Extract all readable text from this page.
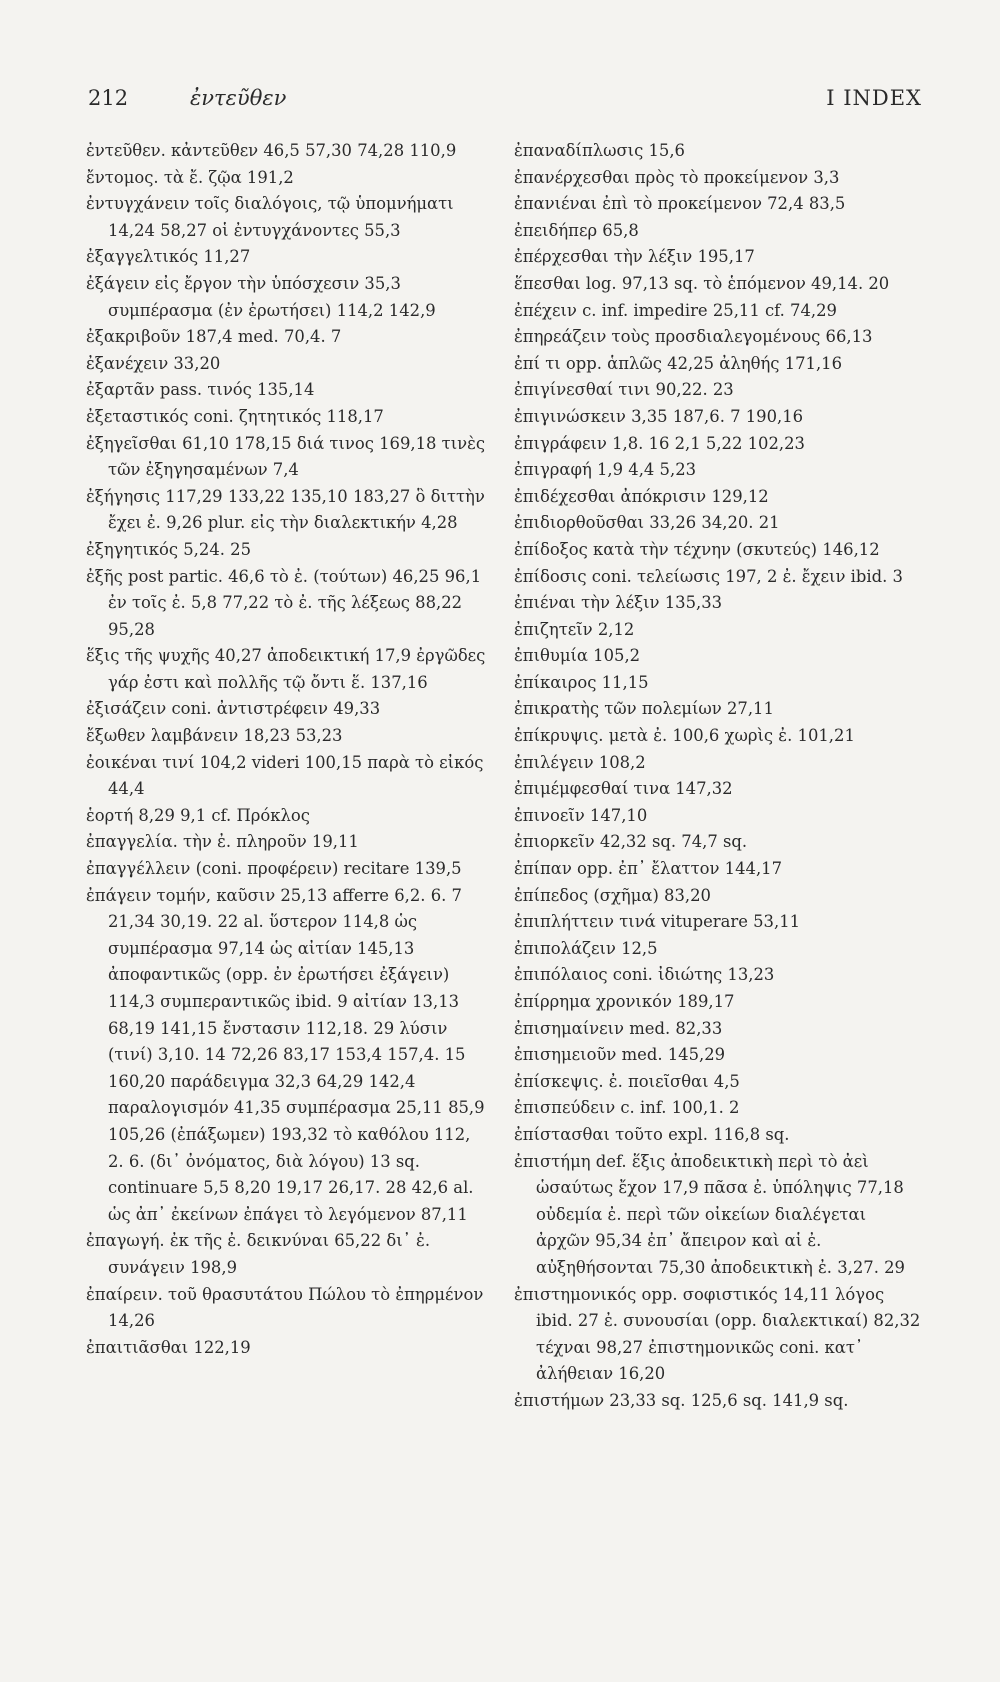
212	ἐντεῦθεν	I INDEX
ἐντεῦθεν. κἀντεῦθεν 46,5 57,30 74,28 110,9
ἔντομος. τὰ ἔ. ζῷα 191,2
ἐντυγχάνειν τοῖς διαλόγοις, τῷ ὑπομνήματι 14,24 58,27 οἱ ἐντυγχάνοντες 55,3
ἐξαγγελτικός 11,27
ἐξάγειν εἰς ἔργον τὴν ὑπόσχεσιν 35,3 συμπέρασμα (ἐν ἐρωτήσει) 114,2 142,9
ἐξακριβοῦν 187,4 med. 70,4. 7
ἐξανέχειν 33,20
ἐξαρτᾶν pass. τινός 135,14
ἐξεταστικός coni. ζητητικός 118,17
ἐξηγεῖσθαι 61,10 178,15 διά τινος 169,18 τινὲς τῶν ἐξηγησαμένων 7,4
ἐξήγησις 117,29 133,22 135,10 183,27 ὃ διττὴν ἔχει ἐ. 9,26 plur. εἰς τὴν διαλεκτικήν 4,28
ἐξηγητικός 5,24. 25
ἐξῆς post partic. 46,6 τὸ ἐ. (τούτων) 46,25 96,1 ἐν τοῖς ἐ. 5,8 77,22 τὸ ἐ. τῆς λέξεως 88,22 95,28
ἕξις τῆς ψυχῆς 40,27 ἀποδεικτική 17,9 ἐργῶδες γάρ ἐστι καὶ πολλῆς τῷ ὄντι ἕ. 137,16
ἐξισάζειν coni. ἀντιστρέφειν 49,33
ἔξωθεν λαμβάνειν 18,23 53,23
ἐοικέναι τινί 104,2 videri 100,15 παρὰ τὸ εἰκός 44,4
ἑορτή 8,29 9,1 cf. Πρόκλος
ἐπαγγελία. τὴν ἐ. πληροῦν 19,11
ἐπαγγέλλειν (coni. προφέρειν) recitare 139,5
ἐπάγειν τομήν, καῦσιν 25,13 afferre 6,2. 6. 7 21,34 30,19. 22 al. ὕστερον 114,8 ὡς συμπέρασμα 97,14 ὡς αἰτίαν 145,13 ἀποφαντικῶς (opp. ἐν ἐρωτήσει ἐξάγειν) 114,3 συμπεραντικῶς ibid. 9 αἰτίαν 13,13 68,19 141,15 ἔνστασιν 112,18. 29 λύσιν (τινί) 3,10. 14 72,26 83,17 153,4 157,4. 15 160,20 παράδειγμα 32,3 64,29 142,4 παραλογισμόν 41,35 συμπέρασμα 25,11 85,9 105,26 (ἐπάξωμεν) 193,32 τὸ καθόλου 112, 2. 6. (δι᾽ ὀνόματος, διὰ λόγου) 13 sq. continuare 5,5 8,20 19,17 26,17. 28 42,6 al. ὡς ἀπ᾽ ἐκείνων ἐπάγει τὸ λεγόμενον 87,11
ἐπαγωγή. ἐκ τῆς ἐ. δεικνύναι 65,22 δι᾽ ἐ. συνάγειν 198,9
ἐπαίρειν. τοῦ θρασυτάτου Πώλου τὸ ἐπηρμένον 14,26
ἐπαιτιᾶσθαι 122,19
ἐπαναδίπλωσις 15,6
ἐπανέρχεσθαι πρὸς τὸ προκείμενον 3,3
ἐπανιέναι ἐπὶ τὸ προκείμενον 72,4 83,5
ἐπειδήπερ 65,8
ἐπέρχεσθαι τὴν λέξιν 195,17
ἕπεσθαι log. 97,13 sq. τὸ ἑπόμενον 49,14. 20
ἐπέχειν c. inf. impedire 25,11 cf. 74,29
ἐπηρεάζειν τοὺς προσδιαλεγομένους 66,13
ἐπί τι opp. ἁπλῶς 42,25 ἀληθής 171,16
ἐπιγίνεσθαί τινι 90,22. 23
ἐπιγινώσκειν 3,35 187,6. 7 190,16
ἐπιγράφειν 1,8. 16 2,1 5,22 102,23
ἐπιγραφή 1,9 4,4 5,23
ἐπιδέχεσθαι ἀπόκρισιν 129,12
ἐπιδιορθοῦσθαι 33,26 34,20. 21
ἐπίδοξος κατὰ τὴν τέχνην (σκυτεύς) 146,12
ἐπίδοσις coni. τελείωσις 197, 2 ἐ. ἔχειν ibid. 3
ἐπιέναι τὴν λέξιν 135,33
ἐπιζητεῖν 2,12
ἐπιθυμία 105,2
ἐπίκαιρος 11,15
ἐπικρατὴς τῶν πολεμίων 27,11
ἐπίκρυψις. μετὰ ἐ. 100,6 χωρὶς ἐ. 101,21
ἐπιλέγειν 108,2
ἐπιμέμφεσθαί τινα 147,32
ἐπινοεῖν 147,10
ἐπιορκεῖν 42,32 sq. 74,7 sq.
ἐπίπαν opp. ἐπ᾽ ἔλαττον 144,17
ἐπίπεδος (σχῆμα) 83,20
ἐπιπλήττειν τινά vituperare 53,11
ἐπιπολάζειν 12,5
ἐπιπόλαιος coni. ἰδιώτης 13,23
ἐπίρρημα χρονικόν 189,17
ἐπισημαίνειν med. 82,33
ἐπισημειοῦν med. 145,29
ἐπίσκεψις. ἐ. ποιεῖσθαι 4,5
ἐπισπεύδειν c. inf. 100,1. 2
ἐπίστασθαι τοῦτο expl. 116,8 sq.
ἐπιστήμη def. ἕξις ἀποδεικτικὴ περὶ τὸ ἀεὶ ὡσαύτως ἔχον 17,9 πᾶσα ἐ. ὑπόληψις 77,18 οὐδεμία ἐ. περὶ τῶν οἰκείων διαλέγεται ἀρχῶν 95,34 ἐπ᾽ ἄπειρον καὶ αἱ ἐ. αὐξηθήσονται 75,30 ἀποδεικτικὴ ἐ. 3,27. 29
ἐπιστημονικός opp. σοφιστικός 14,11 λόγος ibid. 27 ἐ. συνουσίαι (opp. διαλεκτικαί) 82,32 τέχναι 98,27 ἐπιστημονικῶς coni. κατ᾽ ἀλήθειαν 16,20
ἐπιστήμων 23,33 sq. 125,6 sq. 141,9 sq.
